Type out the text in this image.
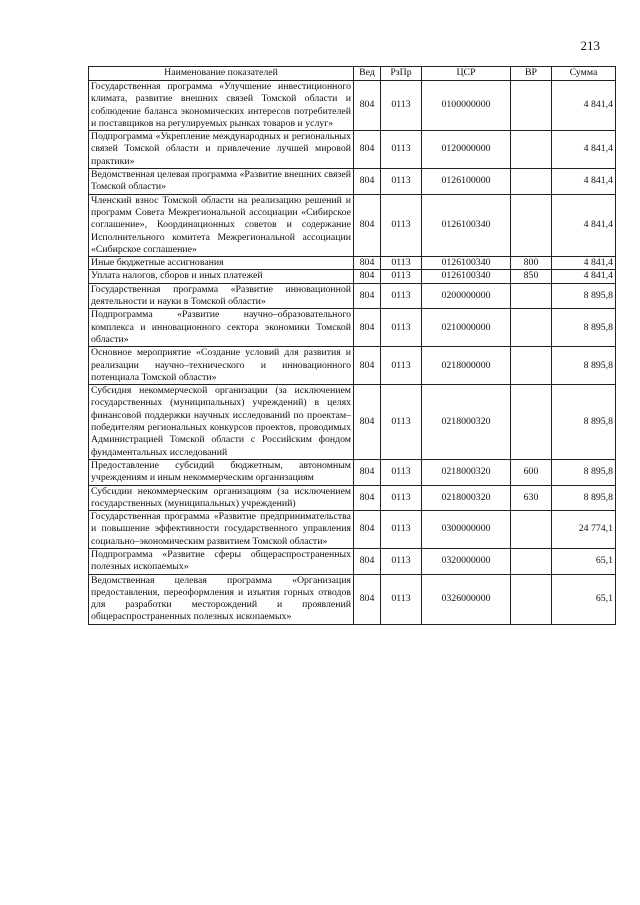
213
Наименование показателей	Вед	РзПр	ЦСР	ВР	Сумма
Государственная программа «Улучшение инвестиционного климата, развитие внешних связей Томской области и соблюдение баланса экономических интересов потребителей и поставщиков на регулируемых рынках товаров и услуг»	804	0113	0100000000		4 841,4
Подпрограмма «Укрепление международных и региональных связей Томской области и привлечение лучшей мировой практики»	804	0113	0120000000		4 841,4
Ведомственная целевая программа «Развитие внешних связей Томской области»	804	0113	0126100000		4 841,4
Членский взнос Томской области на реализацию решений и программ Совета Межрегиональной ассоциации «Сибирское соглашение», Координационных советов и содержание Исполнительного комитета Межрегиональной ассоциации «Сибирское соглашение»	804	0113	0126100340		4 841,4
Иные бюджетные ассигнования	804	0113	0126100340	800	4 841,4
Уплата налогов, сборов и иных платежей	804	0113	0126100340	850	4 841,4
Государственная программа «Развитие инновационной деятельности и науки в Томской области»	804	0113	0200000000		8 895,8
Подпрограмма «Развитие научно–образовательного комплекса и инновационного сектора экономики Томской области»	804	0113	0210000000		8 895,8
Основное мероприятие «Создание условий для развития и реализации научно–технического и инновационного потенциала Томской области»	804	0113	0218000000		8 895,8
Субсидия некоммерческой организации (за исключением государственных (муниципальных) учреждений) в целях финансовой поддержки научных исследований по проектам–победителям региональных конкурсов проектов, проводимых Администрацией Томской области с Российским фондом фундаментальных исследований	804	0113	0218000320		8 895,8
Предоставление субсидий бюджетным, автономным учреждениям и иным некоммерческим организациям	804	0113	0218000320	600	8 895,8
Субсидии некоммерческим организациям (за исключением государственных (муниципальных) учреждений)	804	0113	0218000320	630	8 895,8
Государственная программа «Развитие предпринимательства и повышение эффективности государственного управления социально–экономическим развитием Томской области»	804	0113	0300000000		24 774,1
Подпрограмма «Развитие сферы общераспространенных полезных ископаемых»	804	0113	0320000000		65,1
Ведомственная целевая программа «Организация предоставления, переоформления и изъятия горных отводов для разработки месторождений и проявлений общераспространенных полезных ископаемых»	804	0113	0326000000		65,1
